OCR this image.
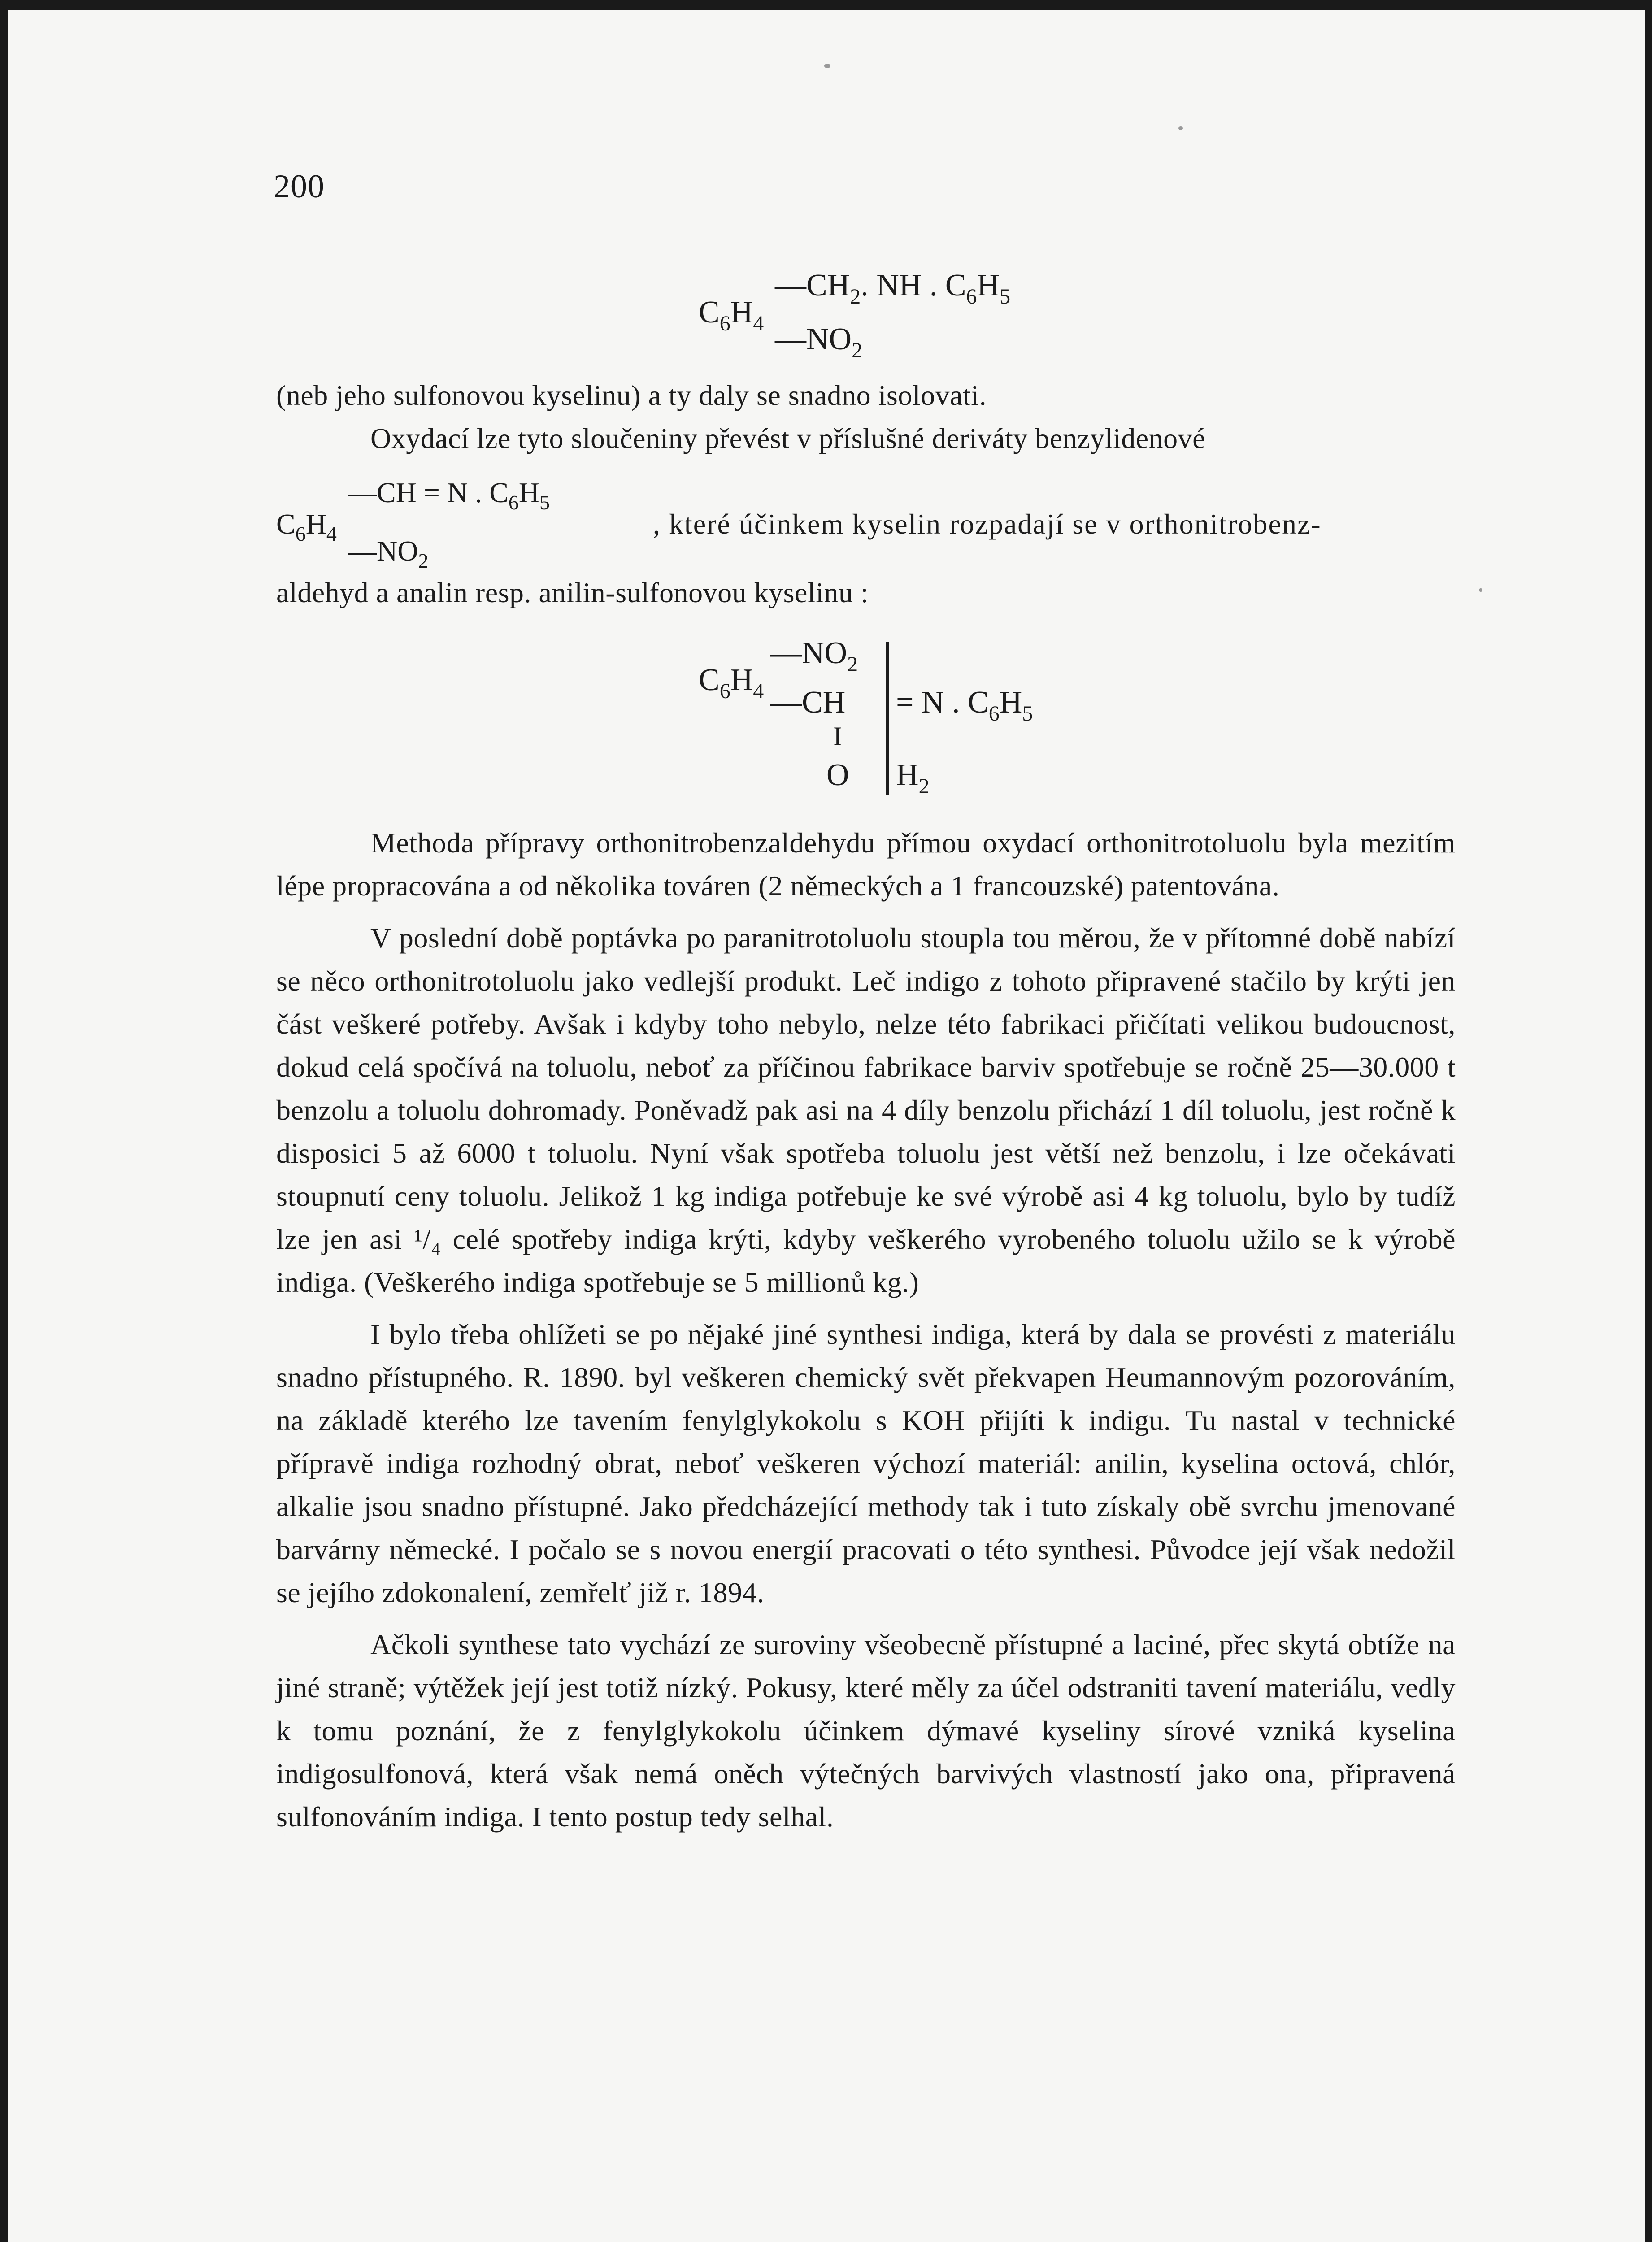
200
$C_6H_4$
$—CH_2$. NH . $C_6H_5$
$—NO_2$

(neb jeho sulfonovou kyselinu) a ty daly se snadno isolovati.

Oxydací lze tyto sloučeniny převést v příslušné deriváty benzylidenové

$C_6H_4$
—CH = N . $C_6H_5$
$—NO_2$
, které účinkem kyselin rozpadají se v orthonitrobenz-

aldehyd a analin resp. anilin-sulfonovou kyselinu :

$C_6H_4$
$—NO_2$
—CH
I
O
= N . $C_6H_5$
$H_2$

Methoda přípravy orthonitrobenzaldehydu přímou oxydací orthonitrotoluolu byla mezitím lépe propracována a od několika továren (2 německých a 1 francouzské) patentována.

V poslední době poptávka po paranitrotoluolu stoupla tou měrou, že v přítomné době nabízí se něco orthonitrotoluolu jako vedlejší produkt. Leč indigo z tohoto připravené stačilo by krýti jen část veškeré potřeby. Avšak i kdyby toho nebylo, nelze této fabrikaci přičítati velikou budoucnost, dokud celá spočívá na toluolu, neboť za příčinou fabrikace barviv spotřebuje se ročně 25—30.000 t benzolu a toluolu dohromady. Poněvadž pak asi na 4 díly benzolu přichází 1 díl toluolu, jest ročně k disposici 5 až 6000 t toluolu. Nyní však spotřeba toluolu jest větší než benzolu, i lze očekávati stoupnutí ceny toluolu. Jelikož 1 kg indiga potřebuje ke své výrobě asi 4 kg toluolu, bylo by tudíž lze jen asi ¹/₄ celé spotřeby indiga krýti, kdyby veškerého vyrobeného toluolu užilo se k výrobě indiga. (Veškerého indiga spotřebuje se 5 millionů kg.)

I bylo třeba ohlížeti se po nějaké jiné synthesi indiga, která by dala se provésti z materiálu snadno přístupného. R. 1890. byl veškeren chemický svět překvapen Heumannovým pozorováním, na základě kterého lze tavením fenylglykokolu s KOH přijíti k indigu. Tu nastal v technické přípravě indiga rozhodný obrat, neboť veškeren výchozí materiál: anilin, kyselina octová, chlór, alkalie jsou snadno přístupné. Jako předcházející methody tak i tuto získaly obě svrchu jmenované barvárny německé. I počalo se s novou energií pracovati o této synthesi. Původce její však nedožil se jejího zdokonalení, zemřelť již r. 1894.

Ačkoli synthese tato vychází ze suroviny všeobecně přístupné a laciné, přec skytá obtíže na jiné straně; výtěžek její jest totiž nízký. Pokusy, které měly za účel odstraniti tavení materiálu, vedly k tomu poznání, že z fenylglykokolu účinkem dýmavé kyseliny sírové vzniká kyselina indigosulfonová, která však nemá oněch výtečných barvivých vlastností jako ona, připravená sulfonováním indiga. I tento postup tedy selhal.
